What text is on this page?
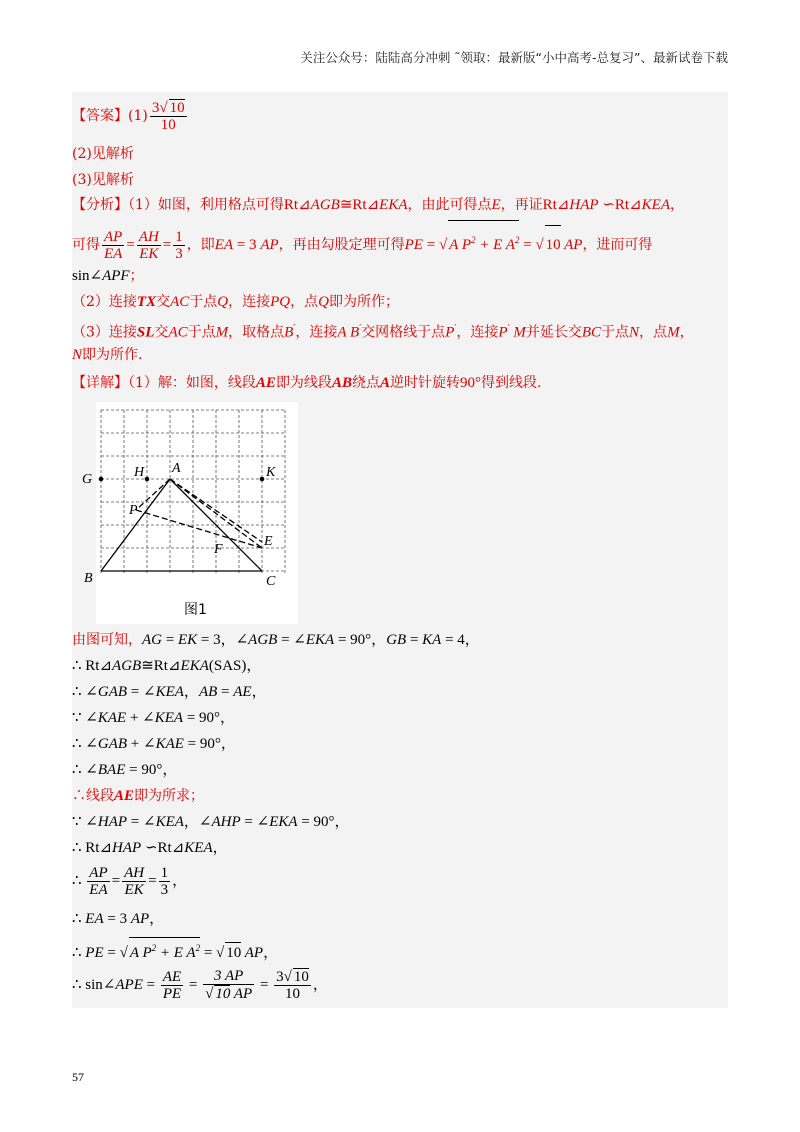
关注公众号：陆陆高分冲刺 ˜领取：最新版“小中高考-总复习”、最新试卷下载
【答案】$(1) \frac{3√ 10}{10}$
(2)见解析
(3)见解析
【分析】（1）如图，利用格点可得Rt⊿AGB≅Rt⊿EKA，由此可得点E，再证Rt⊿HAP ∽Rt⊿KEA，
可得 $\frac{AP}{EA} = \frac{AH}{EK} = \frac{1}{3}$ ，即EA = 3 AP，再由勾股定理可得PE = √ A $P^2 + E$ $A^2$ = √ 10 AP，进而可得
sin∠APF；
（2）连接TX交AC于点Q，连接PQ，点Q即为所作；
（3）连接SL交AC于点M，取格点B′，连接A B′交网格线于点P′，连接P′ M并延长交BC于点N，点M，
N即为所作.
【详解】（1）解：如图，线段AE即为线段AB绕点A逆时针旋转90°得到线段.
G	H A	K
P
E
F
B	C
图1
由图可知，AG = EK = 3，∠AGB = ∠EKA = 90°，GB = KA = 4，
∴ Rt⊿AGB≅Rt⊿EKA(SAS)，
∴ ∠GAB = ∠KEA，AB = AE，
∵ ∠KAE + ∠KEA = 90°，
∴ ∠GAB + ∠KAE = 90°，
∴ ∠BAE = 90°，
∴线段AE即为所求；
∵ ∠HAP = ∠KEA，∠AHP = ∠EKA = 90°，
∴ Rt⊿HAP ∽Rt⊿KEA，
∴ $\frac{AP}{EA} = \frac{AH}{EK} = \frac{1}{3}$ ，
∴ EA = 3 AP，
∴ PE = √ A $P^2 + E$ $A^2$ = √ 10 AP，
∴ sin∠APE = $\frac{AE}{PE} = \frac{3 AP}{√ 10 AP} = \frac{3√ 10}{10}$ ，
57
